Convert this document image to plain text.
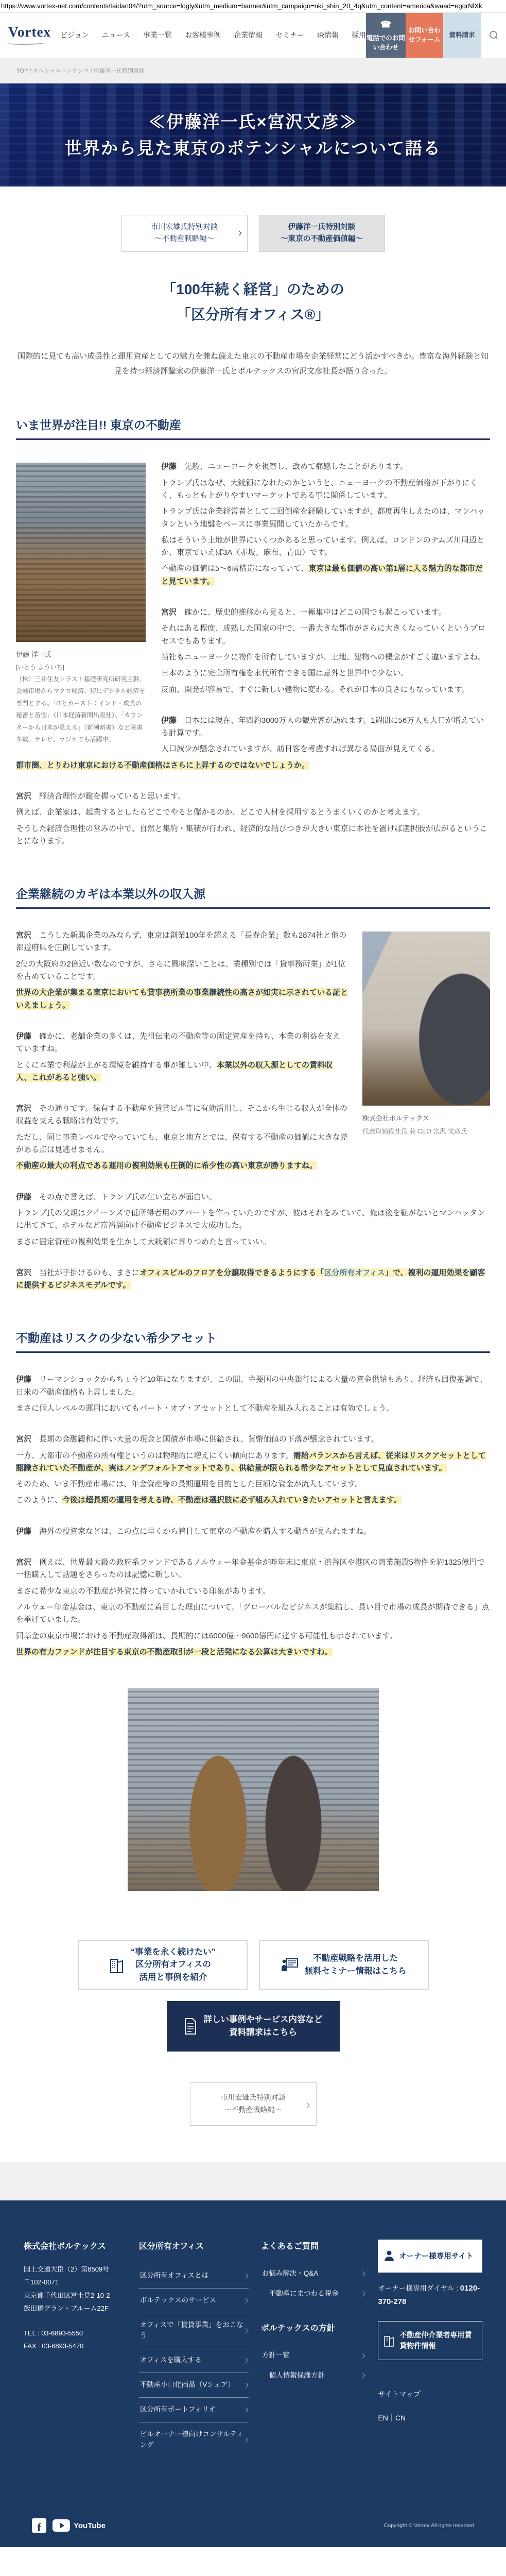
https://www.vortex-net.com/contents/taidan04/?utm_source=logly&utm_medium=banner&utm_campaign=nki_shin_20_4q&utm_content=america&waad=egqrNlXk
Vortex ビジョン ニュース 事業一覧 お客様事例 企業情報 セミナー IR情報 採用
☎
電話でのお問い合わせ
お問い合わせフォーム
資料請求
TOP / スペシャルコンテンツ / 伊藤洋一氏特別対談
≪伊藤洋一氏×宮沢文彦≫
世界から見た東京のポテンシャルについて語る
市川宏雄氏特別対談
～不動産戦略編～
伊藤洋一氏特別対談
～東京の不動産価値編～
「100年続く経営」のための
「区分所有オフィス®」

国際的に見ても高い成長性と運用資産としての魅力を兼ね備えた東京の不動産市場を企業経営にどう活かすべきか。豊富な海外経験と知見を持つ経済評論家の伊藤洋一氏とボルテックスの宮沢文彦社長が語り合った。

いま世界が注目!! 東京の不動産
伊藤 洋一氏
[いとう よういち]
（株）三井住友トラスト基礎研究所研究主幹。金融市場からマクロ経済、特にデジタル経済を専門とする。「ITとカースト：インド・成長の秘密と苦悩」（日本経済新聞出版社）、「カウンターから日本が見える」（新潮新書）など著書多数。テレビ、ラジオでも活躍中。
伊藤　先般、ニューヨークを視察し、改めて痛感したことがあります。
トランプ氏はなぜ、大統領になれたのかというと、ニューヨークの不動産価格が下がりにくく、もっとも上がりやすいマーケットである事に関係しています。
トランプ氏は企業経営者として二回倒産を経験していますが、都度再生しえたのは、マンハッタンという地盤をベースに事業展開していたからです。
私はそういう土地が世界にいくつかあると思っています。例えば、ロンドンのテムズ川周辺とか、東京でいえば3A（赤坂、麻布、青山）です。
不動産の価値は5～6層構造になっていて、東京は最も価値の高い第1層に入る魅力的な都市だと見ています。
宮沢　確かに、歴史的推移から見ると、一極集中はどこの国でも起こっています。
それはある程度、成熟した国家の中で、一番大きな都市がさらに大きくなっていくというプロセスでもあります。
当社もニューヨークに物件を所有していますが、土地、建物への概念がすごく違いますよね。
日本のように完全所有権を永代所有できる国は意外と世界中で少ない。
反面、開発が容易で、すぐに新しい建物に変わる。それが日本の良さにもなっています。
伊藤　日本には現在、年間約3000万人の観光客が訪れます。1週間に56万人も人口が増えている計算です。
人口減少が懸念されていますが、訪日客を考慮すれば異なる局面が見えてくる。
都市圏、とりわけ東京における不動産価格はさらに上昇するのではないでしょうか。
宮沢　経済合理性が鍵を握っていると思います。
例えば、企業家は、起業するとしたらどこでやると儲かるのか、どこで人材を採用するとうまくいくのかと考えます。
そうした経済合理性の営みの中で、自然と集約・集積が行われ、経済的な結びつきが大きい東京に本社を置けば選択肢が広がるということになります。
企業継続のカギは本業以外の収入源
株式会社ボルテックス
代表取締役社長 兼 CEO 宮沢 文彦氏
宮沢　こうした新興企業のみならず、東京は創業100年を超える「長寿企業」数も2874社と他の都道府県を圧倒しています。
2位の大阪府の2倍近い数なのですが、さらに興味深いことは、業種別では「貸事務所業」が1位を占めていることです。
世界の大企業が集まる東京においても貸事務所業の事業継続性の高さが如実に示されている証といえましょう。
伊藤　確かに、老舗企業の多くは、先祖伝来の不動産等の固定資産を持ち、本業の利益を支えていますね。
とくに本業で利益が上がる環境を維持する事が難しい中、本業以外の収入源としての賃料収入、これがあると強い。
宮沢　その通りです。保有する不動産を賃貸ビル等に有効活用し、そこから生じる収入が全体の収益を支える戦略は有効です。
ただし、同じ事業レベルでやっていても、東京と地方とでは、保有する不動産の価値に大きな差がある点は見逃せません。
不動産の最大の利点である運用の複利効果も圧倒的に希少性の高い東京が勝りますね。
伊藤　その点で言えば、トランプ氏の生い立ちが面白い。
トランプ氏の父親はクイーンズで低所得者用のアパートを作っていたのですが、彼はそれをみていて、俺は後を継がないとマンハッタンに出てきて、ホテルなど富裕層向け不動産ビジネスで大成功した。
まさに固定資産の複利効果を生かして大統領に昇りつめたと言っていい。
宮沢　当社が手掛けるのも、まさにオフィスビルのフロアを分譲取得できるようにする「区分所有オフィス」で、複利の運用効果を顧客に提供するビジネスモデルです。
不動産はリスクの少ない希少アセット
伊藤　リーマンショックからちょうど10年になりますが、この間、主要国の中央銀行による大量の資金供給もあり、経済も回復基調で、日米の不動産価格も上昇しました。
まさに個人レベルの運用においてもパート・オブ・アセットとして不動産を組み入れることは有効でしょう。
宮沢　長期の金融緩和に伴い大量の現金と国債が市場に供給され、貨幣価値の下落が懸念されています。
一方、大都市の不動産の所有権というのは物理的に増えにくい傾向にあります。需給バランスから言えば、従来はリスクアセットとして認識されていた不動産が、実はノンデフォルトアセットであり、供給量が限られる希少なアセットとして見直されています。
そのため、いま不動産市場には、年金資産等の長期運用を目的とした巨額な資金が流入しています。
このように、今後は超長期の運用を考える時、不動産は選択肢に必ず組み入れていきたいアセットと言えます。
伊藤　海外の投資家などは、この点に早くから着目して東京の不動産を購入する動きが見られますね。
宮沢　例えば、世界最大級の政府系ファンドであるノルウェー年金基金が昨年末に東京・渋谷区や港区の商業施設5物件を約1325億円で一括購入して話題をさらったのは記憶に新しい。
まさに希少な東京の不動産が外資に持っていかれている印象があります。
ノルウェー年金基金は、東京の不動産に着目した理由について、「グローバルなビジネスが集結し、長い目で市場の成長が期待できる」点を挙げていました。
同基金の東京市場における不動産取得額は、長期的には6000億～9600億円に達する可能性も示されています。
世界の有力ファンドが注目する東京の不動産取引が一段と活発になる公算は大きいですね。
“事業を永く続けたい”
区分所有オフィスの
活用と事例を紹介
不動産戦略を活用した
無料セミナー情報はこちら
詳しい事例やサービス内容など
資料請求はこちら
市川宏雄氏特別対談
～不動産戦略編～
株式会社ボルテックス
国土交通大臣（2）第8509号
〒102-0071
東京都千代田区富士見2-10-2
飯田橋グラン・ブルーム22F
TEL : 03-6893-5550
FAX : 03-6893-5470
区分所有オフィス
区分所有オフィスとは
ボルテックスのサービス
オフィスで「賃貸事業」をおこなう
オフィスを購入する
不動産小口化商品（Vシェア）
区分所有ポートフォリオ
ビルオーナー様向けコンサルティング
よくあるご質問
お悩み解決・Q&A
不動産にまつわる税金
ボルテックスの方針
方針一覧
個人情報保護方針
オーナー様専用サイト
オーナー様専用ダイヤル : 0120-370-278
不動産仲介業者専用賃貸物件情報
サイトマップ
EN｜CN
f	YouTube	Copyright © Vortex.All rights reserved
